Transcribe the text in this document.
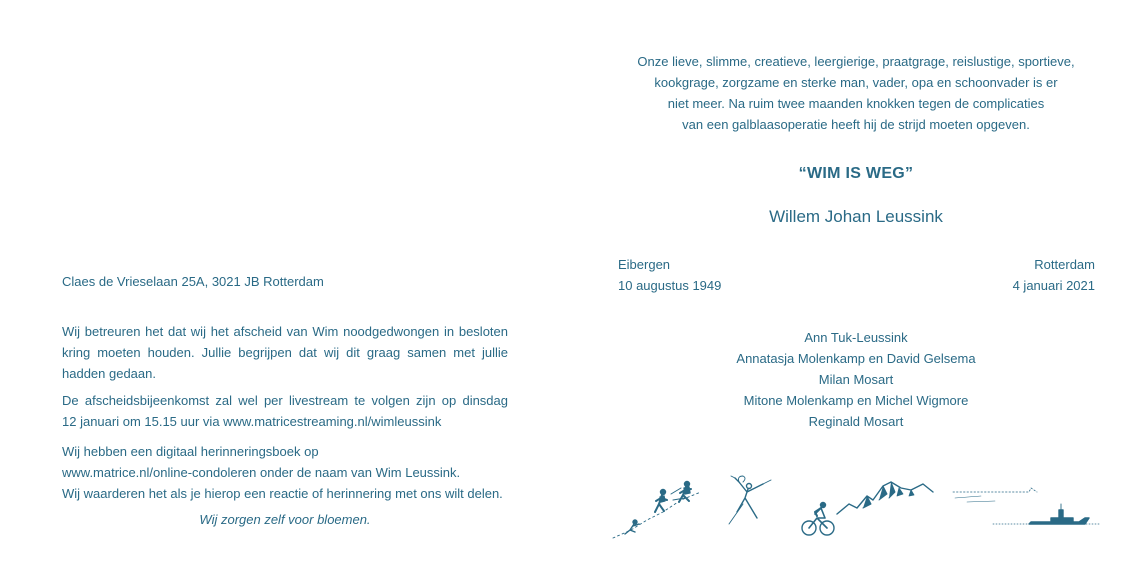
Claes de Vrieselaan 25A, 3021 JB Rotterdam
Wij betreuren het dat wij het afscheid van Wim noodgedwongen in besloten
kring moeten houden. Jullie begrijpen dat wij dit graag samen met jullie
hadden gedaan.
De afscheidsbijeenkomst zal wel per livestream te volgen zijn op dinsdag
12 januari om 15.15 uur via www.matricestreaming.nl/wimleussink
Wij hebben een digitaal herinneringsboek op
www.matrice.nl/online-condoleren onder de naam van Wim Leussink.
Wij waarderen het als je hierop een reactie of herinnering met ons wilt delen.
Wij zorgen zelf voor bloemen.
Onze lieve, slimme, creatieve, leergierige, praatgrage, reislustige, sportieve,
kookgrage, zorgzame en sterke man, vader, opa en schoonvader is er
niet meer. Na ruim twee maanden knokken tegen de complicaties
van een galblaasoperatie heeft hij de strijd moeten opgeven.
“WIM IS WEG”
Willem Johan Leussink
Eibergen
10 augustus 1949
Rotterdam
4 januari 2021
Ann Tuk-Leussink
Annatasja Molenkamp en David Gelsema
Milan Mosart
Mitone Molenkamp en Michel Wigmore
Reginald Mosart
